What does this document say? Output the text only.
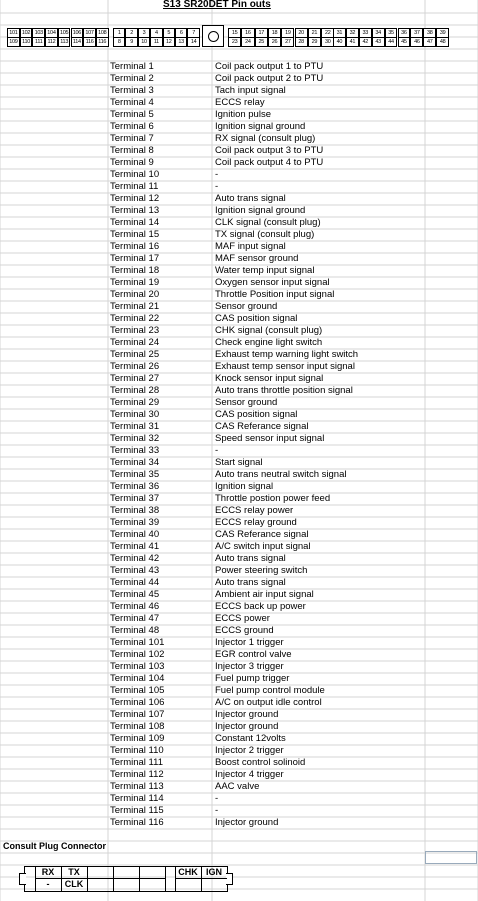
S13 SR20DET Pin outs
101
109
102
110
103
111
104
112
105
113
106
114
107
116
108
116
1
8
2
9
3
10
4
11
5
12
6
13
7
14
15
23
16
24
17
25
18
26
19
27
20
28
21
29
22
30
31
40
32
41
33
42
34
43
35
44
36
45
37
46
38
47
39
48
Terminal 1	Coil pack output 1 to PTU
Terminal 2	Coil pack output 2 to PTU
Terminal 3	Tach input signal
Terminal 4	ECCS relay
Terminal 5	Ignition pulse
Terminal 6	Ignition signal ground
Terminal 7	RX signal (consult plug)
Terminal 8	Coil pack output 3 to PTU
Terminal 9	Coil pack output 4 to PTU
Terminal 10	-
Terminal 11	-
Terminal 12	Auto trans signal
Terminal 13	Ignition signal ground
Terminal 14	CLK signal (consult plug)
Terminal 15	TX signal (consult plug)
Terminal 16	MAF input signal
Terminal 17	MAF sensor ground
Terminal 18	Water temp input signal
Terminal 19	Oxygen sensor input signal
Terminal 20	Throttle Position input signal
Terminal 21	Sensor ground
Terminal 22	CAS position signal
Terminal 23	CHK signal (consult plug)
Terminal 24	Check engine light switch
Terminal 25	Exhaust temp warning light switch
Terminal 26	Exhaust temp sensor input signal
Terminal 27	Knock sensor input signal
Terminal 28	Auto trans throttle position signal
Terminal 29	Sensor ground
Terminal 30	CAS position signal
Terminal 31	CAS Referance signal
Terminal 32	Speed sensor input signal
Terminal 33	-
Terminal 34	Start signal
Terminal 35	Auto trans neutral switch signal
Terminal 36	Ignition signal
Terminal 37	Throttle postion power feed
Terminal 38	ECCS relay power
Terminal 39	ECCS relay ground
Terminal 40	CAS Referance signal
Terminal 41	A/C switch input signal
Terminal 42	Auto trans signal
Terminal 43	Power steering switch
Terminal 44	Auto trans signal
Terminal 45	Ambient air input signal
Terminal 46	ECCS back up power
Terminal 47	ECCS power
Terminal 48	ECCS ground
Terminal 101	Injector 1 trigger
Terminal 102	EGR control valve
Terminal 103	Injector 3 trigger
Terminal 104	Fuel pump trigger
Terminal 105	Fuel pump control module
Terminal 106	A/C on output idle control
Terminal 107	Injector ground
Terminal 108	Injector ground
Terminal 109	Constant 12volts
Terminal 110	Injector 2 trigger
Terminal 111	Boost control solinoid
Terminal 112	Injector 4 trigger
Terminal 113	AAC valve
Terminal 114	-
Terminal 115	-
Terminal 116	Injector ground
Consult Plug Connector
RX
-
TX
CLK

CHK
IGN
